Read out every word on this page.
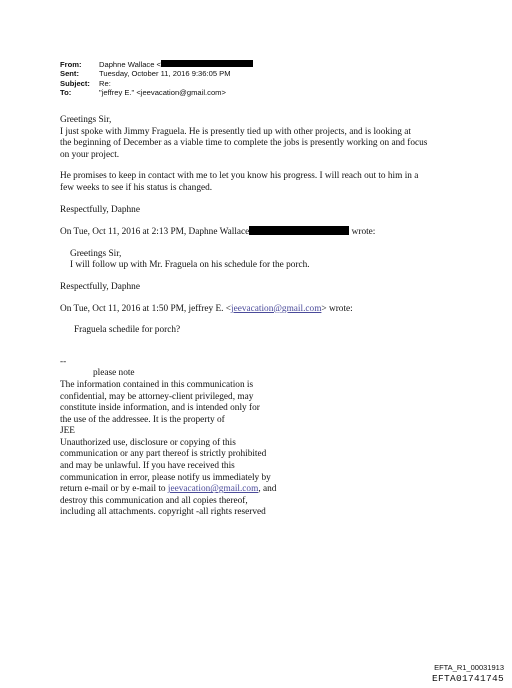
From:	Daphne Wallace <
Sent:	Tuesday, October 11, 2016 9:36:05 PM
Subject:	Re:
To:	"jeffrey E." <jeevacation@gmail.com>

Greetings Sir,

I just spoke with Jimmy Fraguela. He is presently tied up with other projects, and is looking at

the beginning of December as a viable time to complete the jobs is presently working on and focus

on your project.

He promises to keep in contact with me to let you know his progress. I will reach out to him in a

few weeks to see if his status is changed.

Respectfully, Daphne

On Tue, Oct 11, 2016 at 2:13 PM, Daphne Wallace	wrote:

Greetings Sir,

I will follow up with Mr. Fraguela on his schedule for the porch.

Respectfully, Daphne

On Tue, Oct 11, 2016 at 1:50 PM, jeffrey E. <jeevacation@gmail.com> wrote:

Fraguela schedile for porch?

--

please note

The information contained in this communication is

confidential, may be attorney-client privileged, may

constitute inside information, and is intended only for

the use of the addressee. It is the property of

JEE

Unauthorized use, disclosure or copying of this

communication or any part thereof is strictly prohibited

and may be unlawful. If you have received this

communication in error, please notify us immediately by

return e-mail or by e-mail to jeevacation@gmail.com, and

destroy this communication and all copies thereof,

including all attachments. copyright -all rights reserved

EFTA_R1_00031913
EFTA01741745
